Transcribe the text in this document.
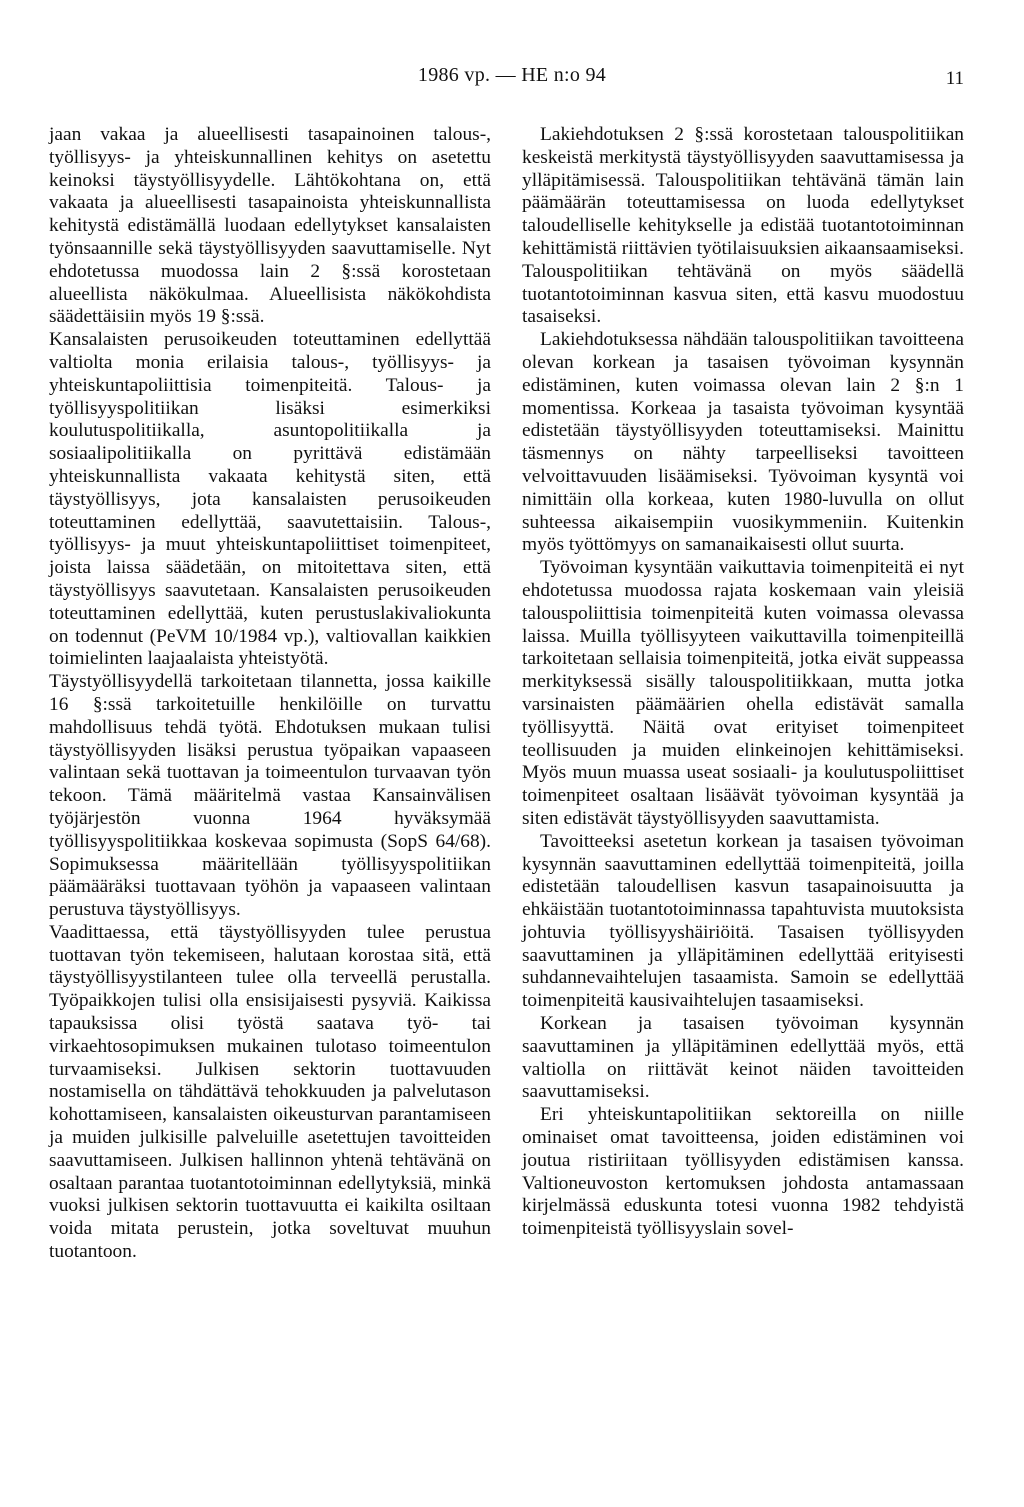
1986 vp. — HE n:o 94	11

jaan vakaa ja alueellisesti tasapainoinen talous-, työllisyys- ja yhteiskunnallinen kehitys on asetettu keinoksi täystyöllisyydelle. Lähtökohtana on, että vakaata ja alueellisesti tasapainoista yhteiskunnallista kehitystä edistämällä luodaan edellytykset kansalaisten työnsaannille sekä täystyöllisyyden saavuttamiselle. Nyt ehdotetussa muodossa lain 2 §:ssä korostetaan alueellista näkökulmaa. Alueellisista näkökohdista säädettäisiin myös 19 §:ssä.

Kansalaisten perusoikeuden toteuttaminen edellyttää valtiolta monia erilaisia talous-, työllisyys- ja yhteiskuntapoliittisia toimenpiteitä. Talous- ja työllisyyspolitiikan lisäksi esimerkiksi koulutuspolitiikalla, asuntopolitiikalla ja sosiaalipolitiikalla on pyrittävä edistämään yhteiskunnallista vakaata kehitystä siten, että täystyöllisyys, jota kansalaisten perusoikeuden toteuttaminen edellyttää, saavutettaisiin. Talous-, työllisyys- ja muut yhteiskuntapoliittiset toimenpiteet, joista laissa säädetään, on mitoitettava siten, että täystyöllisyys saavutetaan. Kansalaisten perusoikeuden toteuttaminen edellyttää, kuten perustuslakivaliokunta on todennut (PeVM 10/1984 vp.), valtiovallan kaikkien toimielinten laajaalaista yhteistyötä.

Täystyöllisyydellä tarkoitetaan tilannetta, jossa kaikille 16 §:ssä tarkoitetuille henkilöille on turvattu mahdollisuus tehdä työtä. Ehdotuksen mukaan tulisi täystyöllisyyden lisäksi perustua työpaikan vapaaseen valintaan sekä tuottavan ja toimeentulon turvaavan työn tekoon. Tämä määritelmä vastaa Kansainvälisen työjärjestön vuonna 1964 hyväksymää työllisyyspolitiikkaa koskevaa sopimusta (SopS 64/68). Sopimuksessa määritellään työllisyyspolitiikan päämääräksi tuottavaan työhön ja vapaaseen valintaan perustuva täystyöllisyys.

Vaadittaessa, että täystyöllisyyden tulee perustua tuottavan työn tekemiseen, halutaan korostaa sitä, että täystyöllisyystilanteen tulee olla terveellä perustalla. Työpaikkojen tulisi olla ensisijaisesti pysyviä. Kaikissa tapauksissa olisi työstä saatava työ- tai virkaehtosopimuksen mukainen tulotaso toimeentulon turvaamiseksi. Julkisen sektorin tuottavuuden nostamisella on tähdättävä tehokkuuden ja palvelutason kohottamiseen, kansalaisten oikeusturvan parantamiseen ja muiden julkisille palveluille asetettujen tavoitteiden saavuttamiseen. Julkisen hallinnon yhtenä tehtävänä on osaltaan parantaa tuotantotoiminnan edellytyksiä, minkä vuoksi julkisen sektorin tuottavuutta ei kaikilta osiltaan voida mitata perustein, jotka soveltuvat muuhun tuotantoon.

Lakiehdotuksen 2 §:ssä korostetaan talouspolitiikan keskeistä merkitystä täystyöllisyyden saavuttamisessa ja ylläpitämisessä. Talouspolitiikan tehtävänä tämän lain päämäärän toteuttamisessa on luoda edellytykset taloudelliselle kehitykselle ja edistää tuotantotoiminnan kehittämistä riittävien työtilaisuuksien aikaansaamiseksi. Talouspolitiikan tehtävänä on myös säädellä tuotantotoiminnan kasvua siten, että kasvu muodostuu tasaiseksi.

Lakiehdotuksessa nähdään talouspolitiikan tavoitteena olevan korkean ja tasaisen työvoiman kysynnän edistäminen, kuten voimassa olevan lain 2 §:n 1 momentissa. Korkeaa ja tasaista työvoiman kysyntää edistetään täystyöllisyyden toteuttamiseksi. Mainittu täsmennys on nähty tarpeelliseksi tavoitteen velvoittavuuden lisäämiseksi. Työvoiman kysyntä voi nimittäin olla korkeaa, kuten 1980-luvulla on ollut suhteessa aikaisempiin vuosikymmeniin. Kuitenkin myös työttömyys on samanaikaisesti ollut suurta.

Työvoiman kysyntään vaikuttavia toimenpiteitä ei nyt ehdotetussa muodossa rajata koskemaan vain yleisiä talouspoliittisia toimenpiteitä kuten voimassa olevassa laissa. Muilla työllisyyteen vaikuttavilla toimenpiteillä tarkoitetaan sellaisia toimenpiteitä, jotka eivät suppeassa merkityksessä sisälly talouspolitiikkaan, mutta jotka varsinaisten päämäärien ohella edistävät samalla työllisyyttä. Näitä ovat erityiset toimenpiteet teollisuuden ja muiden elinkeinojen kehittämiseksi. Myös muun muassa useat sosiaali- ja koulutuspoliittiset toimenpiteet osaltaan lisäävät työvoiman kysyntää ja siten edistävät täystyöllisyyden saavuttamista.

Tavoitteeksi asetetun korkean ja tasaisen työvoiman kysynnän saavuttaminen edellyttää toimenpiteitä, joilla edistetään taloudellisen kasvun tasapainoisuutta ja ehkäistään tuotantotoiminnassa tapahtuvista muutoksista johtuvia työllisyyshäiriöitä. Tasaisen työllisyyden saavuttaminen ja ylläpitäminen edellyttää erityisesti suhdannevaihtelujen tasaamista. Samoin se edellyttää toimenpiteitä kausivaihtelujen tasaamiseksi.

Korkean ja tasaisen työvoiman kysynnän saavuttaminen ja ylläpitäminen edellyttää myös, että valtiolla on riittävät keinot näiden tavoitteiden saavuttamiseksi.

Eri yhteiskuntapolitiikan sektoreilla on niille ominaiset omat tavoitteensa, joiden edistäminen voi joutua ristiriitaan työllisyyden edistämisen kanssa. Valtioneuvoston kertomuksen johdosta antamassaan kirjelmässä eduskunta totesi vuonna 1982 tehdyistä toimenpiteistä työllisyyslain sovel-
